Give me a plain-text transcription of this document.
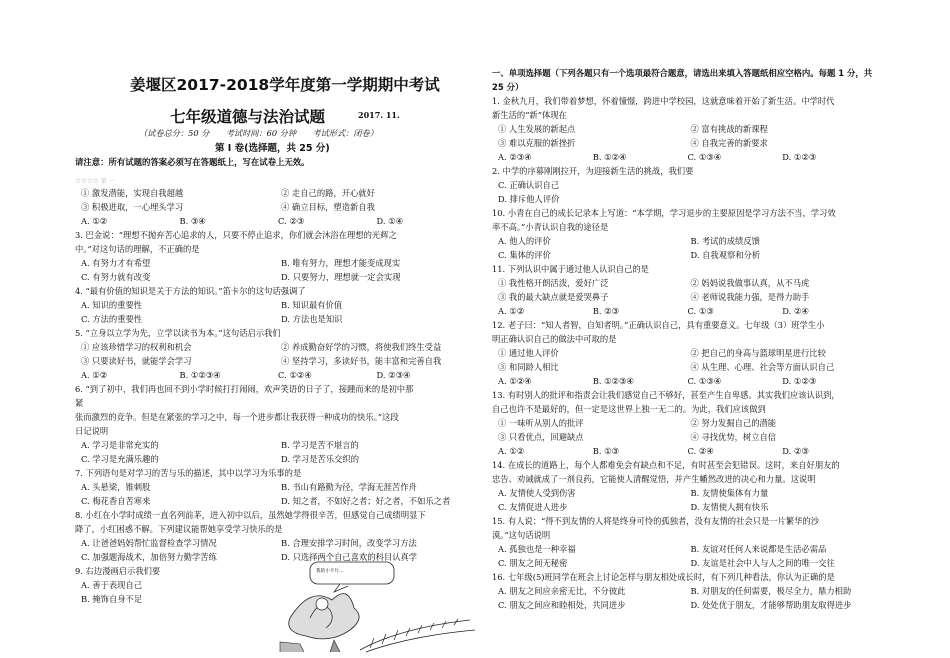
姜堰区2017-2018学年度第一学期期中考试
七年级道德与法治试题	2017. 11.
（试卷总分：50 分　　考试时间：60 分钟　　考试形式：闭卷）
第 I 卷(选择题，共 25 分)
请注意：所有试题的答案必须写在答题纸上，写在试卷上无效。
☆☆☆☆ 第 一
① 激发潜能，实现自我超越	② 走自己的路，开心就好
③ 积极进取，一心埋头学习	④ 确立目标，塑造新自我
A. ①②	B. ③④	C. ②③	D. ①④
3. 巴金说：“理想不抛弃苦心追求的人，只要不停止追求，你们就会沐浴在理想的光辉之
中。”对这句话的理解，不正确的是
A. 有努力才有希望	B. 唯有努力，理想才能变成现实
C. 有努力就有改变	D. 只要努力，理想就一定会实现
4. “最有价值的知识是关于方法的知识。”笛卡尔的这句话强调了
A. 知识的重要性	B. 知识最有价值
C. 方法的重要性	D. 方法也是知识
5. “立身以立学为先，立学以读书为本。”这句话启示我们
① 应该珍惜学习的权利和机会	② 养成勤奋好学的习惯，将使我们终生受益
③ 只要读好书，就能学会学习	④ 坚持学习，多读好书，能丰富和完善自我
A. ①②	B. ①②③④	C. ①②④	D. ②③④
6. “到了初中，我们再也回不到小学时候打打闹闹，欢声笑语的日子了，接踵而来的是初中那
紧
张而激烈的竞争。但是在紧张的学习之中，每一个进步都让我获得一种成功的快乐。”这段
日记说明
A. 学习是非常充实的	B. 学习是苦不堪言的
C. 学习是充满乐趣的	D. 学习是苦乐交织的
7. 下列语句是对学习的苦与乐的描述，其中以学习为乐事的是
A. 头悬梁，锥刺股	B. 书山有路勤为径，学海无涯苦作舟
C. 梅花香自苦寒来	D. 知之者，不如好之者；好之者，不如乐之者
8. 小红在小学时成绩一直名列前茅，进入初中以后，虽然她学得很辛苦，但感觉自己成绩明显下
降了，小红困惑不解。下列建议能帮她享受学习快乐的是
A. 让爸爸妈妈帮忙监督检查学习情况	B. 合理安排学习时间，改变学习方法
C. 加强题海战术，加倍努力勤学苦练	D. 只选择两个自己喜欢的科目认真学
9. 右边漫画启示我们要
A. 善于表现自己
B. 掩饰自身不足
我的小卡片…
一、单项选择题（下列各题只有一个选项最符合题意，请选出来填入答题纸相应空格内。每题 1 分，共 25 分）
1. 金秋九月，我们带着梦想，怀着憧憬，跨进中学校园，这就意味着开始了新生活。中学时代
新生活的“新”体现在
① 人生发展的新起点	② 富有挑战的新课程
③ 难以克服的新挫折	④ 自我完善的新要求
A. ②③④	B. ①②④	C. ①③④	D. ①②③
2. 中学的序幕刚刚拉开，为迎接新生活的挑战，我们要
C. 正确认识自己
D. 排斥他人评价
10. 小青在自己的成长记录本上写道：“本学期，学习退步的主要原因是学习方法不当，学习效
率不高。”小青认识自我的途径是
A. 他人的评价	B. 考试的成绩反馈
C. 集体的评价	D. 自我观察和分析
11. 下列认识中属于通过他人认识自己的是
① 我性格开朗活泼，爱好广泛	② 妈妈说我做事认真，从不马虎
③ 我的最大缺点就是爱哭鼻子	④ 老师说我能力强，是得力助手
A. ①②	B. ②③	C. ①③	D. ②④
12. 老子曰：“知人者智，自知者明。”正确认识自己，具有重要意义。七年级（3）班学生小
明正确认识自己的做法中可取的是
① 通过他人评价	② 把自己的身高与篮球明星进行比较
③ 和同龄人相比	④ 从生理、心理、社会等方面认识自己
A. ①②④	B. ①②③④	C. ①③④	D. ①②③
13. 有时别人的批评和指责会让我们感觉自己不够好，甚至产生自卑感。其实我们应该认识到，
自己也许不是最好的，但一定是这世界上独一无二的。为此，我们应该做到
① 一味听从别人的批评	② 努力发掘自己的潜能
③ 只看优点，回避缺点	④ 寻找优势，树立自信
A. ①②	B. ①③	C. ②④	D. ②③
14. 在成长的道路上，每个人都难免会有缺点和不足，有时甚至会犯错误。这时，来自好朋友的
忠告、劝诫就成了一剂良药，它能使人清醒觉悟，并产生幡然改进的决心和力量。这说明
A. 友情使人受到伤害	B. 友情使集体有力量
C. 友情促进人进步	D. 友情使人拥有快乐
15. 有人说：“得不到友情的人将是终身可怜的孤独者，没有友情的社会只是一片繁华的沙
漠。”这句话说明
A. 孤独也是一种幸福	B. 友谊对任何人来说都是生活必需品
C. 朋友之间无秘密	D. 友谊是社会中人与人之间的唯一交往
16. 七年级(5)班同学在班会上讨论怎样与朋友相处成长时，有下列几种看法，你认为正确的是
A. 朋友之间应亲密无比，不分彼此	B. 对朋友的任何需要，极尽全力，鼎力相助
C. 朋友之间应和睦相处，共同进步	D. 处处优于朋友，才能够帮助朋友取得进步
